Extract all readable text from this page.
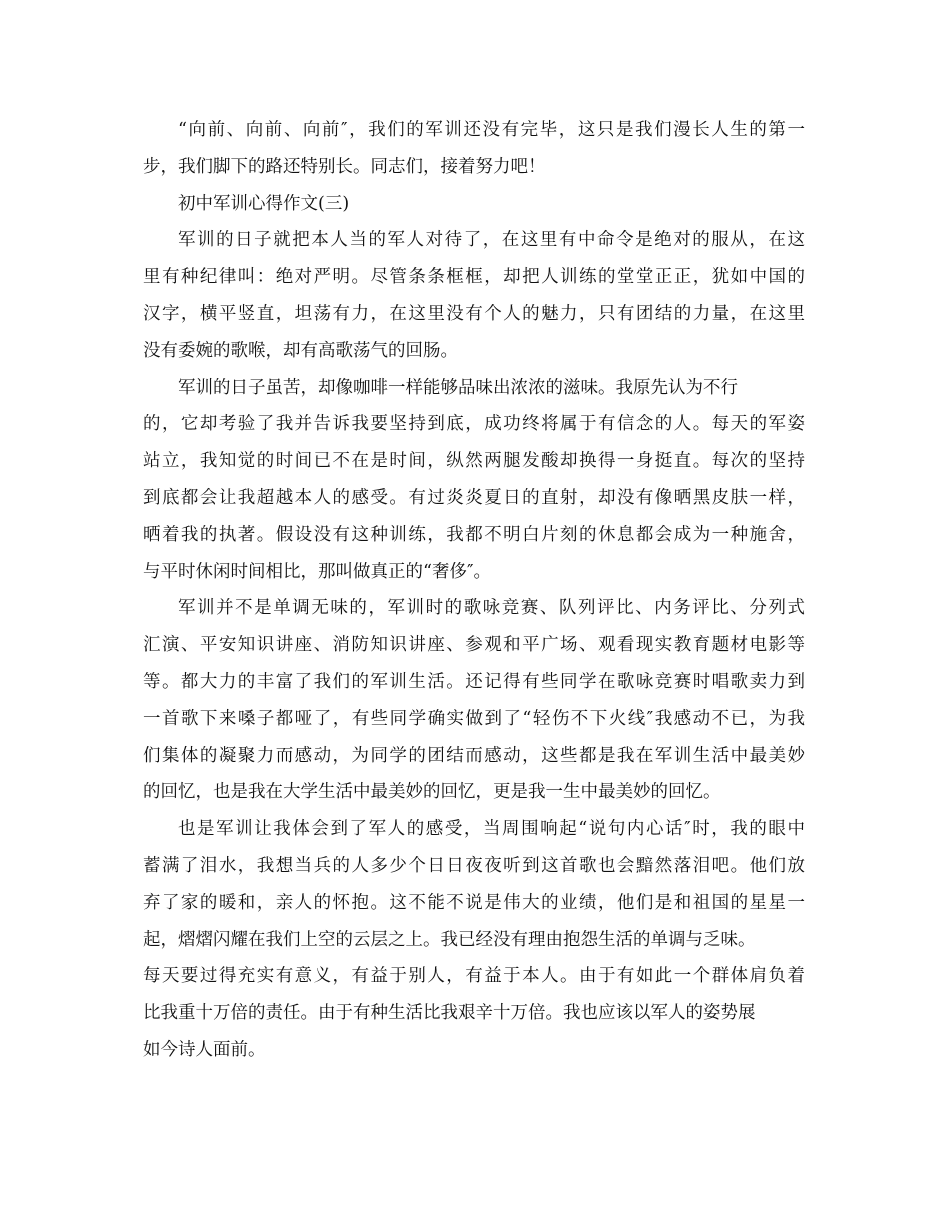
“向前、向前、向前″，我们的军训还没有完毕，这只是我们漫长人生的第一
步，我们脚下的路还特别长。同志们，接着努力吧！
初中军训心得作文(三)
军训的日子就把本人当的军人对待了，在这里有中命令是绝对的服从，在这
里有种纪律叫：绝对严明。尽管条条框框，却把人训练的堂堂正正，犹如中国的
汉字，横平竖直，坦荡有力，在这里没有个人的魅力，只有团结的力量，在这里
没有委婉的歌喉，却有高歌荡气的回肠。
军训的日子虽苦，却像咖啡一样能够品味出浓浓的滋味。我原先认为不行
的，它却考验了我并告诉我要坚持到底，成功终将属于有信念的人。每天的军姿
站立，我知觉的时间已不在是时间，纵然两腿发酸却换得一身挺直。每次的坚持
到底都会让我超越本人的感受。有过炎炎夏日的直射，却没有像晒黑皮肤一样，
晒着我的执著。假设没有这种训练，我都不明白片刻的休息都会成为一种施舍，
与平时休闲时间相比，那叫做真正的“奢侈″。
军训并不是单调无味的，军训时的歌咏竞赛、队列评比、内务评比、分列式
汇演、平安知识讲座、消防知识讲座、参观和平广场、观看现实教育题材电影等
等。都大力的丰富了我们的军训生活。还记得有些同学在歌咏竞赛时唱歌卖力到
一首歌下来嗓子都哑了，有些同学确实做到了“轻伤不下火线″我感动不已，为我
们集体的凝聚力而感动，为同学的团结而感动，这些都是我在军训生活中最美妙
的回忆，也是我在大学生活中最美妙的回忆，更是我一生中最美妙的回忆。
也是军训让我体会到了军人的感受，当周围响起“说句内心话″时，我的眼中
蓄满了泪水，我想当兵的人多少个日日夜夜听到这首歌也会黯然落泪吧。他们放
弃了家的暖和，亲人的怀抱。这不能不说是伟大的业绩，他们是和祖国的星星一
起，熠熠闪耀在我们上空的云层之上。我已经没有理由抱怨生活的单调与乏味。
每天要过得充实有意义，有益于别人，有益于本人。由于有如此一个群体肩负着
比我重十万倍的责任。由于有种生活比我艰辛十万倍。我也应该以军人的姿势展
如今诗人面前。
